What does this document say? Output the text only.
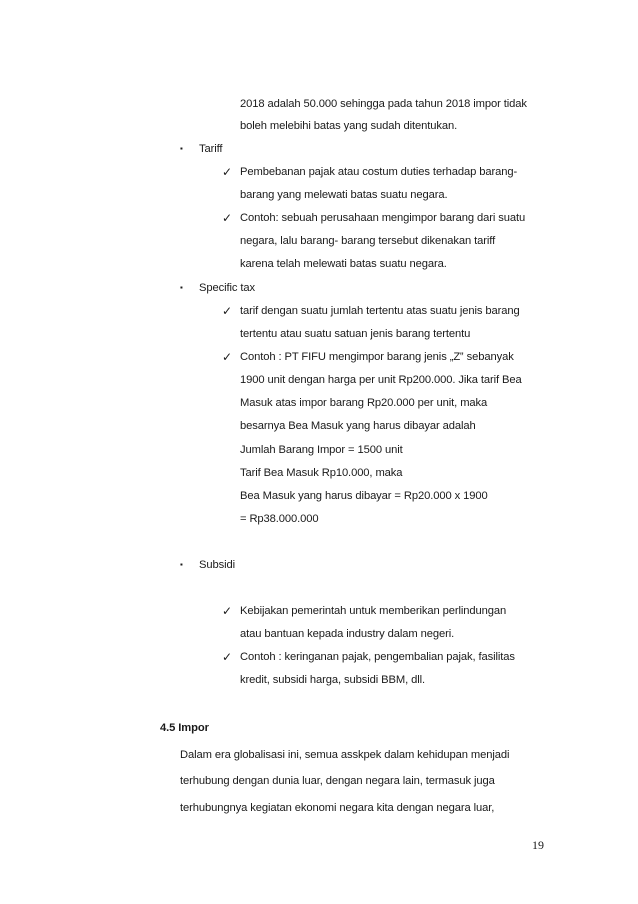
2018 adalah 50.000 sehingga pada tahun 2018 impor tidak
boleh melebihi batas yang sudah ditentukan.
▪ Tariff
✓ Pembebanan pajak atau costum duties terhadap barang-
barang yang melewati batas suatu negara.
✓ Contoh: sebuah perusahaan mengimpor barang dari suatu
negara, lalu barang- barang tersebut dikenakan tariff
karena telah melewati batas suatu negara.
▪ Specific tax
✓ tarif dengan suatu jumlah tertentu atas suatu jenis barang
tertentu atau suatu satuan jenis barang tertentu
✓ Contoh : PT FIFU mengimpor barang jenis „Z‟ sebanyak
1900 unit dengan harga per unit Rp200.000. Jika tarif Bea
Masuk atas impor barang Rp20.000 per unit, maka
besarnya Bea Masuk yang harus dibayar adalah
Jumlah Barang Impor = 1500 unit
Tarif Bea Masuk Rp10.000, maka
Bea Masuk yang harus dibayar = Rp20.000 x 1900
= Rp38.000.000
▪ Subsidi
✓ Kebijakan pemerintah untuk memberikan perlindungan
atau bantuan kepada industry dalam negeri.
✓ Contoh : keringanan pajak, pengembalian pajak, fasilitas
kredit, subsidi harga, subsidi BBM, dll.
4.5 Impor
Dalam era globalisasi ini, semua asskpek dalam kehidupan menjadi
terhubung dengan dunia luar, dengan negara lain, termasuk juga
terhubungnya kegiatan ekonomi negara kita dengan negara luar,
19
